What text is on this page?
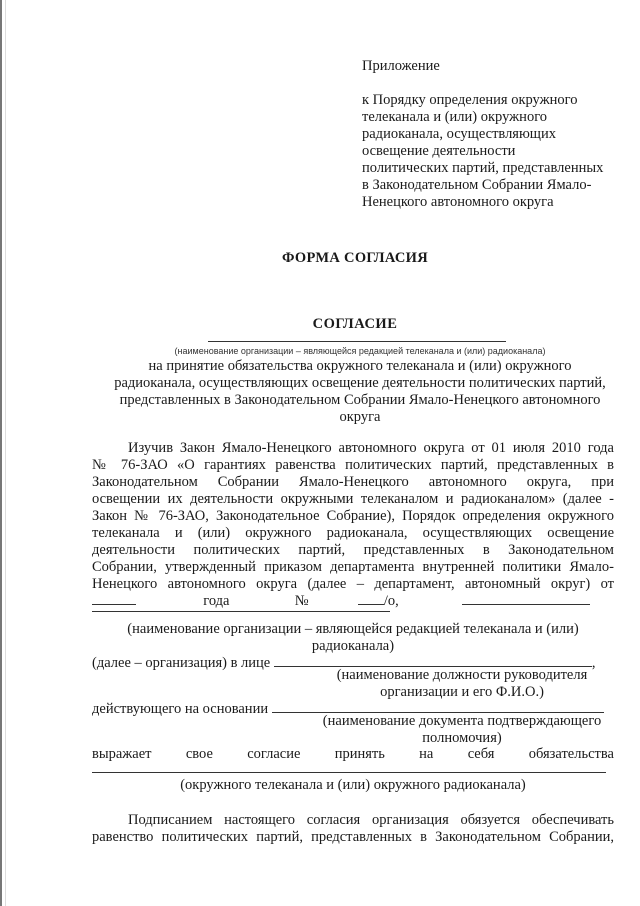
Приложение
к Порядку определения окружного
телеканала и (или) окружного
радиоканала, осуществляющих
освещение деятельности
политических партий, представленных
в Законодательном Собрании Ямало-
Ненецкого автономного округа
ФОРМА СОГЛАСИЯ
СОГЛАСИЕ
(наименование организации – являющейся редакцией телеканала и (или) радиоканала)
на принятие обязательства окружного телеканала и (или) окружного
радиоканала, осуществляющих освещение деятельности политических партий,
представленных в Законодательном Собрании Ямало-Ненецкого автономного
округа
Изучив Закон Ямало-Ненецкого автономного округа от 01 июля 2010 года
№ 76-ЗАО «О гарантиях равенства политических партий, представленных в
Законодательном Собрании Ямало-Ненецкого автономного округа, при
освещении их деятельности окружными телеканалом и радиоканалом» (далее -
Закон № 76-ЗАО, Законодательное Собрание), Порядок определения окружного
телеканала и (или) окружного радиоканала, осуществляющих освещение
деятельности политических партий, представленных в Законодательном
Собрании, утвержденный приказом департамента внутренней политики Ямало-
Ненецкого автономного округа (далее – департамент, автономный округ) от
года	№	/о,
(наименование организации – являющейся редакцией телеканала и (или) радиоканала)
(далее – организация) в лице	,
(наименование должности руководителя организации и его Ф.И.О.)
действующего на основании
(наименование документа подтверждающего полномочия)
выражает свое согласие принять на себя обязательства
(окружного телеканала и (или) окружного радиоканала)
Подписанием настоящего согласия организация обязуется обеспечивать
равенство политических партий, представленных в Законодательном Собрании,
